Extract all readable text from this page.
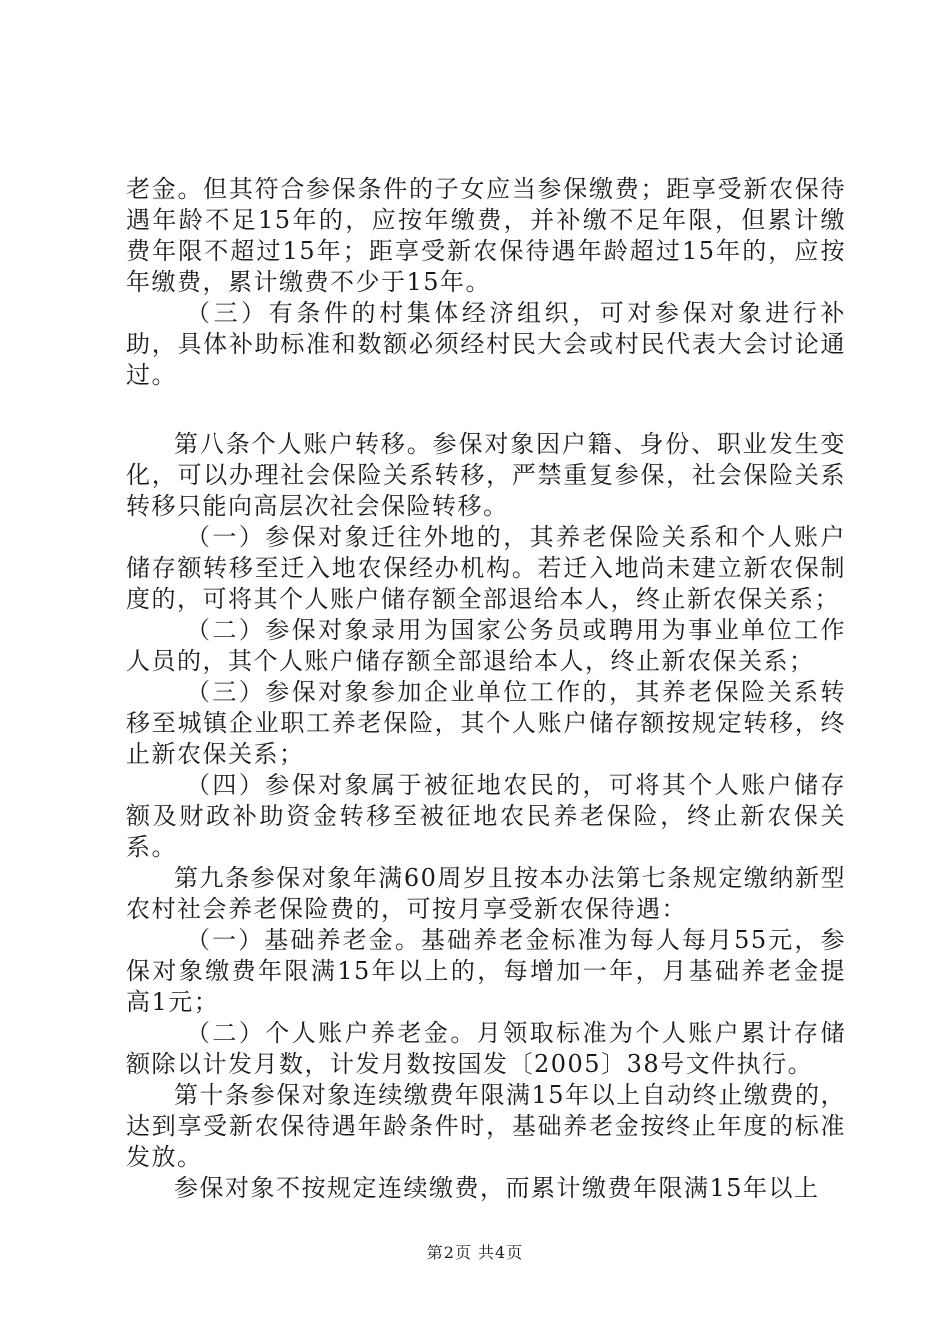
老金。但其符合参保条件的子女应当参保缴费；距享受新农保待遇年龄不足15年的，应按年缴费，并补缴不足年限，但累计缴费年限不超过15年；距享受新农保待遇年龄超过15年的，应按年缴费，累计缴费不少于15年。

（三）有条件的村集体经济组织，可对参保对象进行补助，具体补助标准和数额必须经村民大会或村民代表大会讨论通过。

第八条个人账户转移。参保对象因户籍、身份、职业发生变化，可以办理社会保险关系转移，严禁重复参保，社会保险关系转移只能向高层次社会保险转移。

（一）参保对象迁往外地的，其养老保险关系和个人账户储存额转移至迁入地农保经办机构。若迁入地尚未建立新农保制度的，可将其个人账户储存额全部退给本人，终止新农保关系；

（二）参保对象录用为国家公务员或聘用为事业单位工作人员的，其个人账户储存额全部退给本人，终止新农保关系；

（三）参保对象参加企业单位工作的，其养老保险关系转移至城镇企业职工养老保险，其个人账户储存额按规定转移，终止新农保关系；

（四）参保对象属于被征地农民的，可将其个人账户储存额及财政补助资金转移至被征地农民养老保险，终止新农保关系。

第九条参保对象年满60周岁且按本办法第七条规定缴纳新型农村社会养老保险费的，可按月享受新农保待遇：

（一）基础养老金。基础养老金标准为每人每月55元，参保对象缴费年限满15年以上的，每增加一年，月基础养老金提高1元；

（二）个人账户养老金。月领取标准为个人账户累计存储额除以计发月数，计发月数按国发〔2005〕38号文件执行。

第十条参保对象连续缴费年限满15年以上自动终止缴费的，达到享受新农保待遇年龄条件时，基础养老金按终止年度的标准发放。

参保对象不按规定连续缴费，而累计缴费年限满15年以上

第2页 共4页
